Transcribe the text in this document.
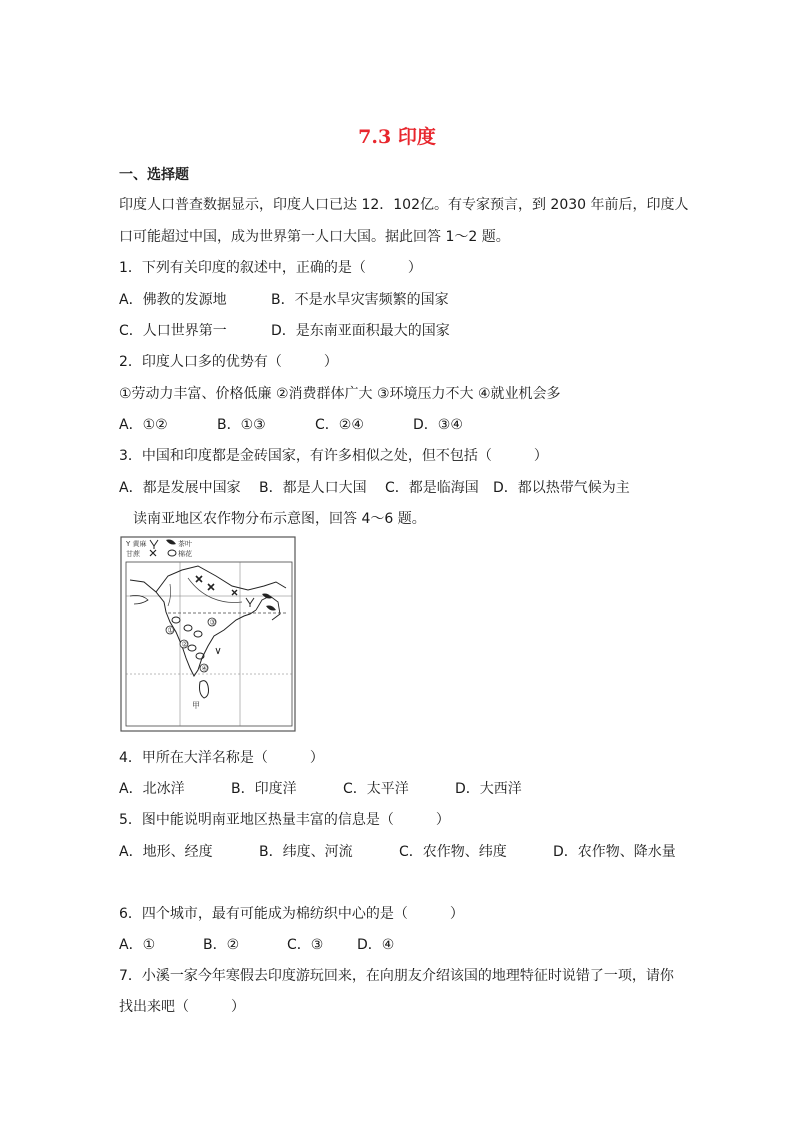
7.3 印度
一、选择题
印度人口普查数据显示，印度人口已达 12．102亿。有专家预言，到 2030 年前后，印度人
口可能超过中国，成为世界第一人口大国。据此回答 1～2 题。
1．下列有关印度的叙述中，正确的是（　　　）
A．佛教的发源地	B．不是水旱灾害频繁的国家
C．人口世界第一	D．是东南亚面积最大的国家
2．印度人口多的优势有（　　　）
①劳动力丰富、价格低廉 ②消费群体广大 ③环境压力不大 ④就业机会多
A．①②	B．①③	C．②④	D．③④
3．中国和印度都是金砖国家，有许多相似之处，但不包括（　　　）
A．都是发展中国家 B．都是人口大国 C．都是临海国 D．都以热带气候为主
读南亚地区农作物分布示意图，回答 4～6 题。
Y 黄麻	茶叶
甘蔗	棉花
①
②
③
④
甲
4．甲所在大洋名称是（　　　）
A．北冰洋	B．印度洋	C．太平洋	D．大西洋
5．图中能说明南亚地区热量丰富的信息是（　　　）
A．地形、经度	B．纬度、河流	C．农作物、纬度	D．农作物、降水量
6．四个城市，最有可能成为棉纺织中心的是（　　　）
A．①	B．②	C．③ D．④
7．小溪一家今年寒假去印度游玩回来，在向朋友介绍该国的地理特征时说错了一项，请你
找出来吧（　　　）
